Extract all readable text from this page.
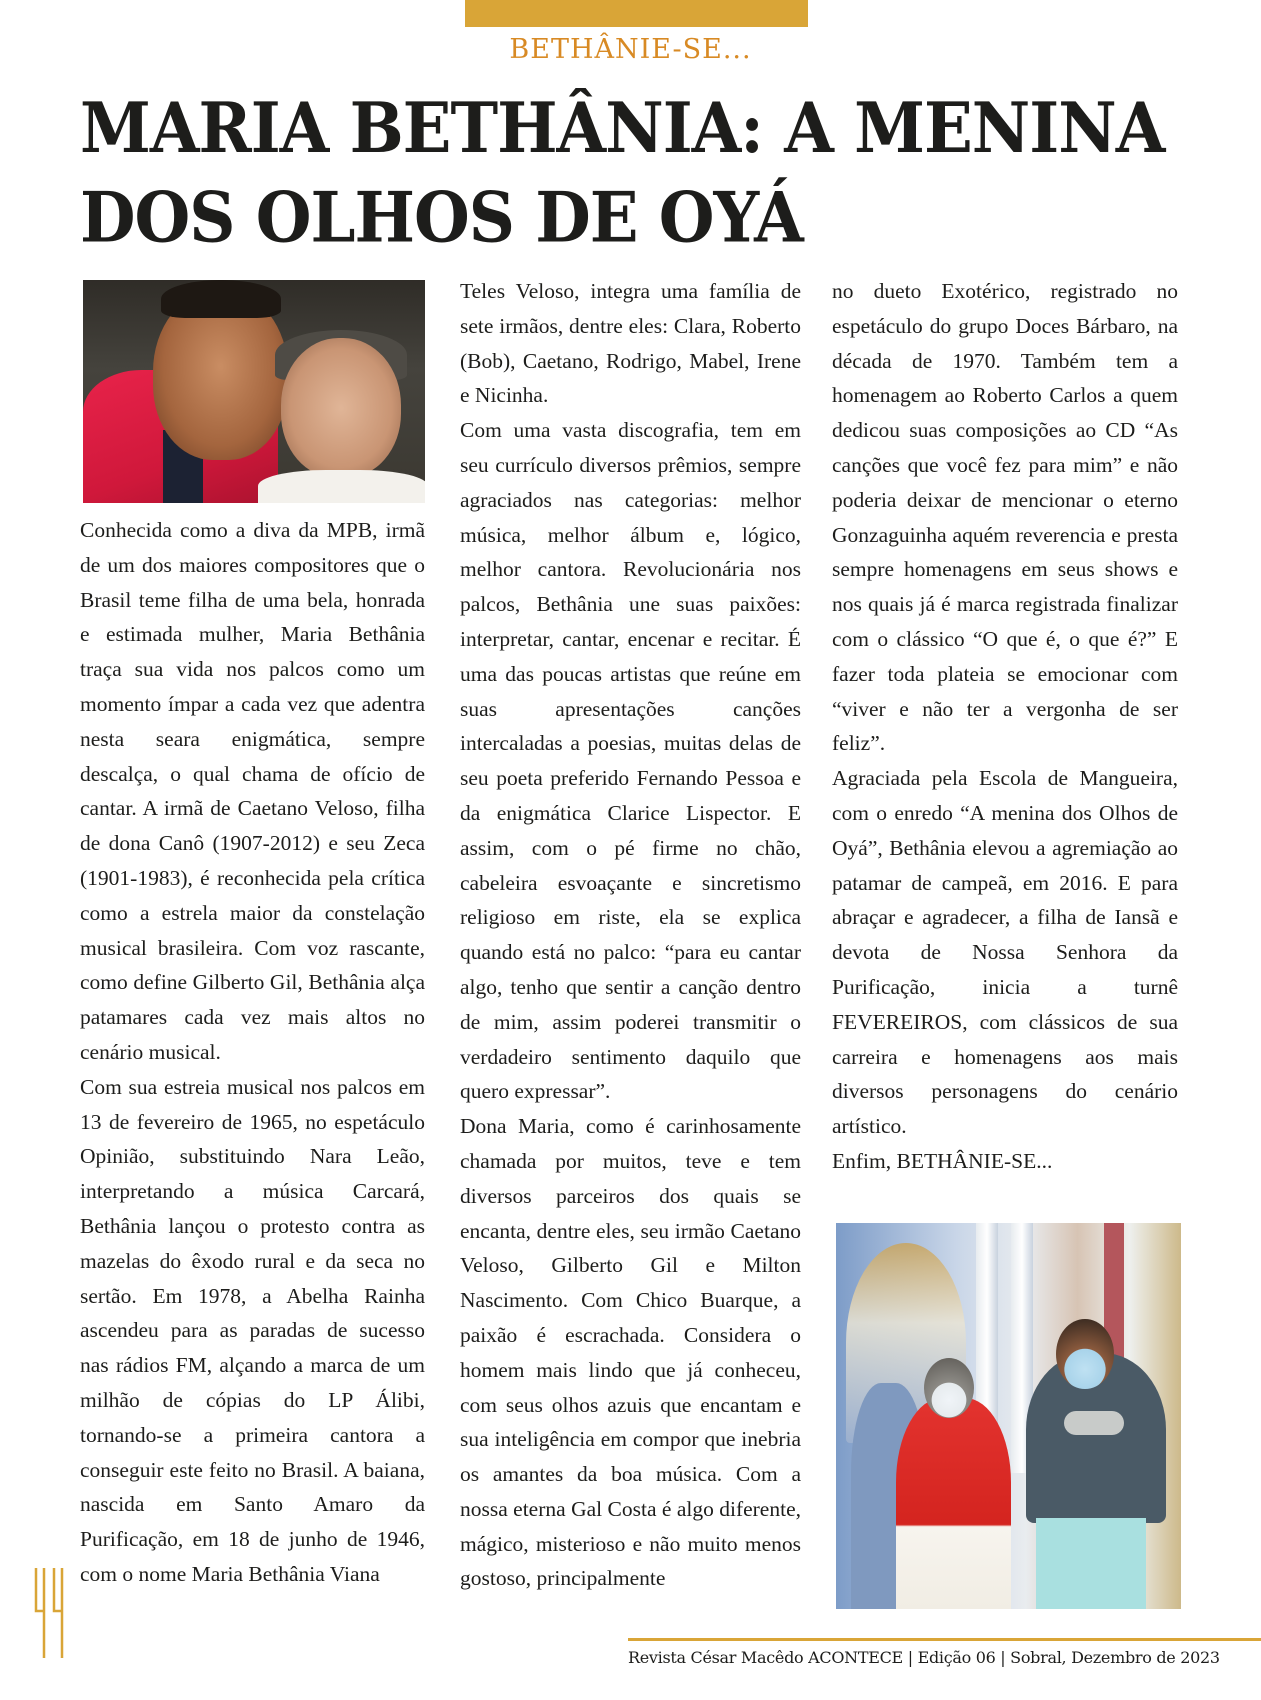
BETHÂNIE-SE...
MARIA BETHÂNIA: A MENINA
DOS OLHOS DE OYÁ

Conhecida como a diva da MPB, irmã de um dos maiores compositores que o Brasil teme filha de uma bela, honrada e estimada mulher, Maria Bethânia traça sua vida nos palcos como um momento ímpar a cada vez que adentra nesta seara enigmática, sempre descalça, o qual chama de ofício de cantar. A irmã de Caetano Veloso, filha de dona Canô (1907-2012) e seu Zeca (1901-1983), é reconhecida pela crítica como a estrela maior da constelação musical brasileira. Com voz rascante, como define Gilberto Gil, Bethânia alça patamares cada vez mais altos no cenário musical.

Com sua estreia musical nos palcos em 13 de fevereiro de 1965, no espetáculo Opinião, substituindo Nara Leão, interpretando a música Carcará, Bethânia lançou o protesto contra as mazelas do êxodo rural e da seca no sertão. Em 1978, a Abelha Rainha ascendeu para as paradas de sucesso nas rádios FM, alçando a marca de um milhão de cópias do LP Álibi, tornando-se a primeira cantora a conseguir este feito no Brasil. A baiana, nascida em Santo Amaro da Purificação, em 18 de junho de 1946, com o nome Maria Bethânia Viana

Teles Veloso, integra uma família de sete irmãos, dentre eles: Clara, Roberto (Bob), Caetano, Rodrigo, Mabel, Irene e Nicinha.

Com uma vasta discografia, tem em seu currículo diversos prêmios, sempre agraciados nas categorias: melhor música, melhor álbum e, lógico, melhor cantora. Revolucionária nos palcos, Bethânia une suas paixões: interpretar, cantar, encenar e recitar. É uma das poucas artistas que reúne em suas apresentações canções intercaladas a poesias, muitas delas de seu poeta preferido Fernando Pessoa e da enigmática Clarice Lispector. E assim, com o pé firme no chão, cabeleira esvoaçante e sincretismo religioso em riste, ela se explica quando está no palco: “para eu cantar algo, tenho que sentir a canção dentro de mim, assim poderei transmitir o verdadeiro sentimento daquilo que quero expressar”.

Dona Maria, como é carinhosamente chamada por muitos, teve e tem diversos parceiros dos quais se encanta, dentre eles, seu irmão Caetano Veloso, Gilberto Gil e Milton Nascimento. Com Chico Buarque, a paixão é escrachada. Considera o homem mais lindo que já conheceu, com seus olhos azuis que encantam e sua inteligência em compor que inebria os amantes da boa música. Com a nossa eterna Gal Costa é algo diferente, mágico, misterioso e não muito menos gostoso, principalmente

no dueto Exotérico, registrado no espetáculo do grupo Doces Bárbaro, na década de 1970. Também tem a homenagem ao Roberto Carlos a quem dedicou suas composições ao CD “As canções que você fez para mim” e não poderia deixar de mencionar o eterno Gonzaguinha aquém reverencia e presta sempre homenagens em seus shows e nos quais já é marca registrada finalizar com o clássico “O que é, o que é?” E fazer toda plateia se emocionar com “viver e não ter a vergonha de ser feliz”.

Agraciada pela Escola de Mangueira, com o enredo “A menina dos Olhos de Oyá”, Bethânia elevou a agremiação ao patamar de campeã, em 2016. E para abraçar e agradecer, a filha de Iansã e devota de Nossa Senhora da Purificação, inicia a turnê FEVEREIROS, com clássicos de sua carreira e homenagens aos mais diversos personagens do cenário artístico.

Enfim, BETHÂNIE-SE...

Revista César Macêdo ACONTECE | Edição 06 | Sobral, Dezembro de 2023
